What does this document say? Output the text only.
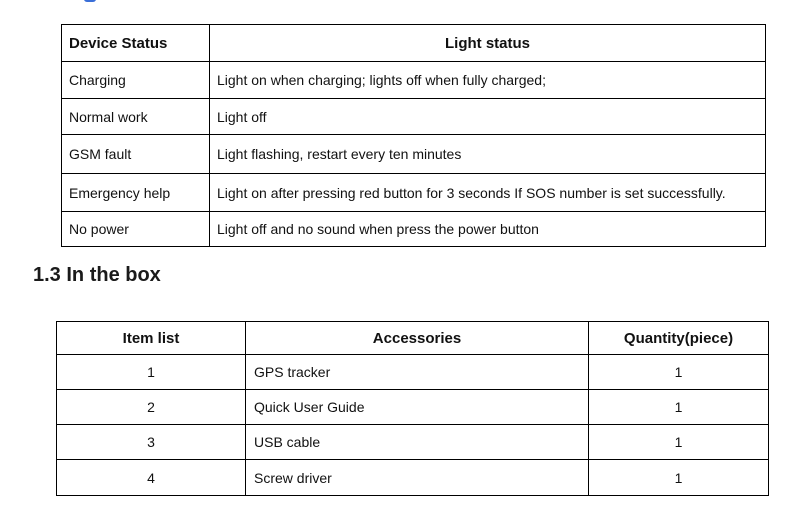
Device Status	Light status
Charging	Light on when charging; lights off when fully charged;
Normal work	Light off
GSM fault	Light flashing, restart every ten minutes
Emergency help	Light on after pressing red button for 3 seconds If SOS number is set successfully.
No power	Light off and no sound when press the power button
1.3 In the box
Item list	Accessories	Quantity(piece)
1	GPS tracker	1
2	Quick User Guide	1
3	USB cable	1
4	Screw driver	1
